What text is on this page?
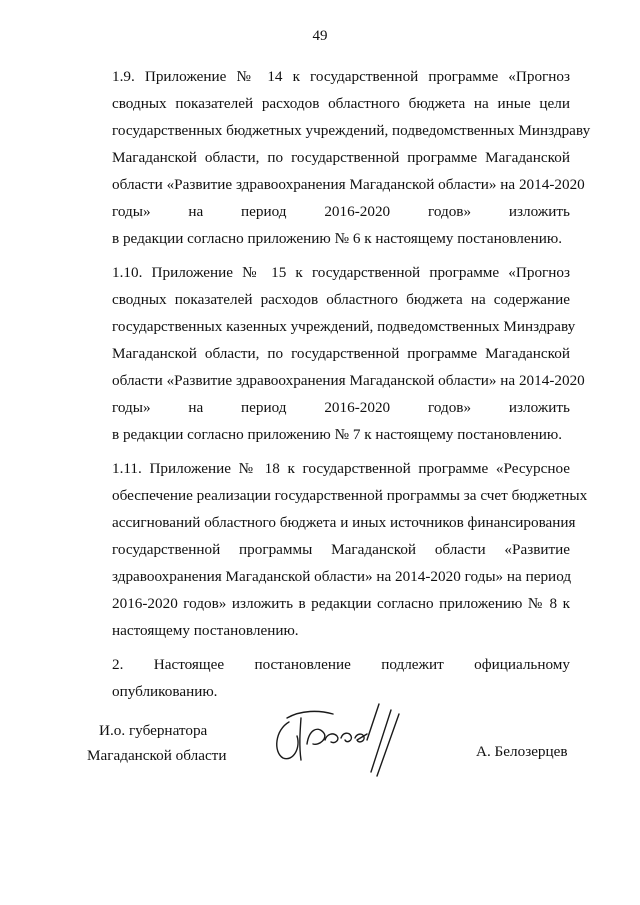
49

1.9. Приложение № 14 к государственной программе «Прогноз
сводных показателей расходов областного бюджета на иные цели
государственных бюджетных учреждений, подведомственных Минздраву
Магаданской области, по государственной программе Магаданской
области «Развитие здравоохранения Магаданской области» на 2014-2020
годы» на период 2016-2020 годов» изложить
в редакции согласно приложению № 6 к настоящему постановлению.

1.10. Приложение № 15 к государственной программе «Прогноз
сводных показателей расходов областного бюджета на содержание
государственных казенных учреждений, подведомственных Минздраву
Магаданской области, по государственной программе Магаданской
области «Развитие здравоохранения Магаданской области» на 2014-2020
годы» на период 2016-2020 годов» изложить
в редакции согласно приложению № 7 к настоящему постановлению.

1.11. Приложение № 18 к государственной программе «Ресурсное
обеспечение реализации государственной программы за счет бюджетных
ассигнований областного бюджета и иных источников финансирования
государственной программы Магаданской области «Развитие
здравоохранения Магаданской области» на 2014-2020 годы» на период
2016-2020 годов» изложить в редакции согласно приложению № 8 к
настоящему постановлению.

2. Настоящее постановление подлежит официальному
опубликованию.

И.о. губернатора
Магаданской области	А. Белозерцев
